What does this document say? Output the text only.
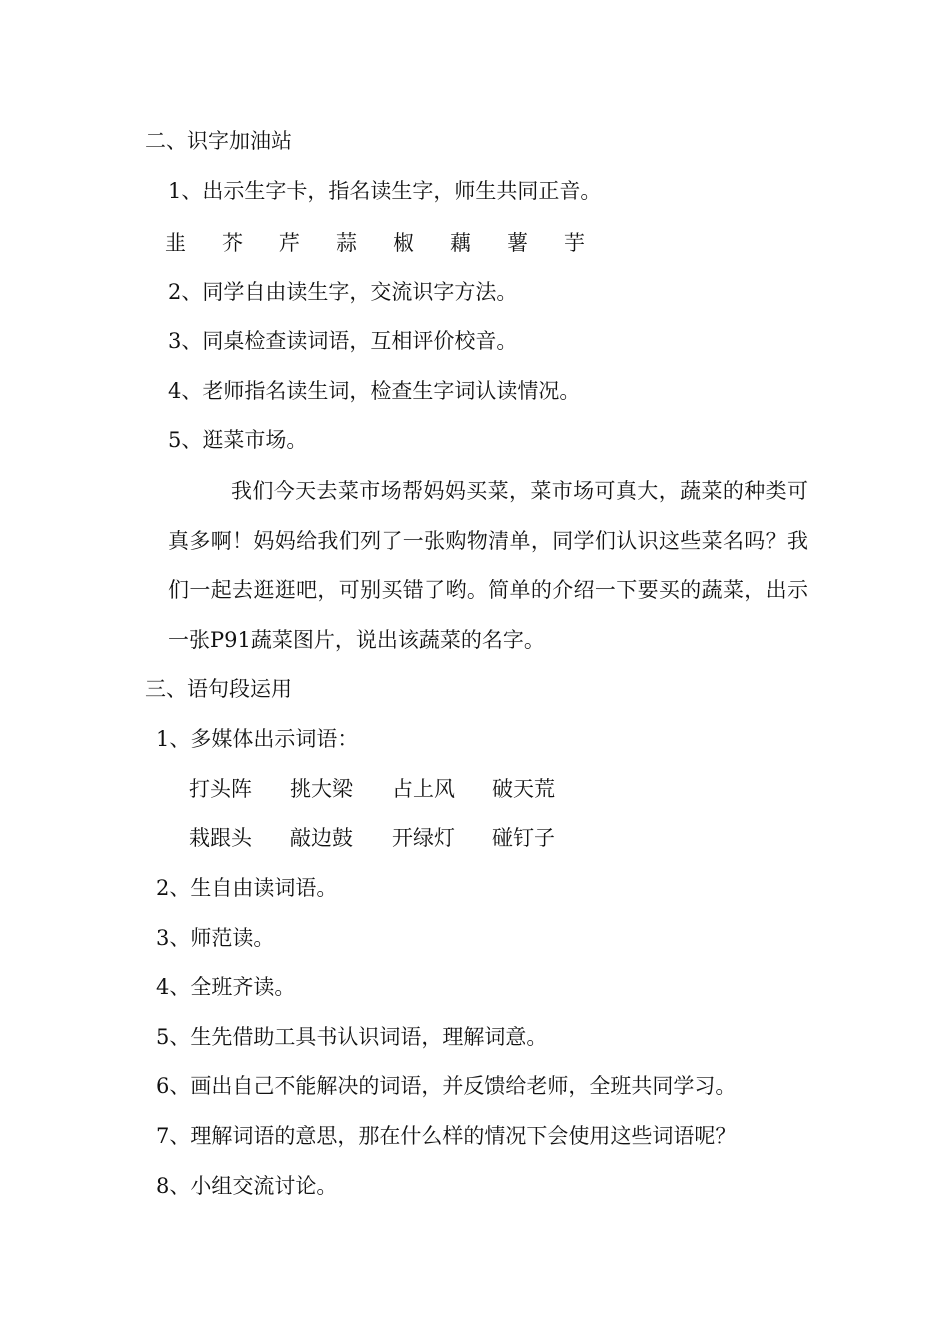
二、识字加油站
1、出示生字卡，指名读生字，师生共同正音。
韭 芥 芹 蒜 椒 藕 薯 芋
2、同学自由读生字，交流识字方法。
3、同桌检查读词语，互相评价校音。
4、老师指名读生词，检查生字词认读情况。
5、逛菜市场。
我们今天去菜市场帮妈妈买菜，菜市场可真大，蔬菜的种类可真多啊！妈妈给我们列了一张购物清单，同学们认识这些菜名吗？我们一起去逛逛吧，可别买错了哟。简单的介绍一下要买的蔬菜，出示一张P91蔬菜图片，说出该蔬菜的名字。
三、语句段运用
1、多媒体出示词语：
打头阵 挑大梁 占上风 破天荒
栽跟头 敲边鼓 开绿灯 碰钉子
2、生自由读词语。
3、师范读。
4、全班齐读。
5、生先借助工具书认识词语，理解词意。
6、画出自己不能解决的词语，并反馈给老师，全班共同学习。
7、理解词语的意思，那在什么样的情况下会使用这些词语呢？
8、小组交流讨论。
